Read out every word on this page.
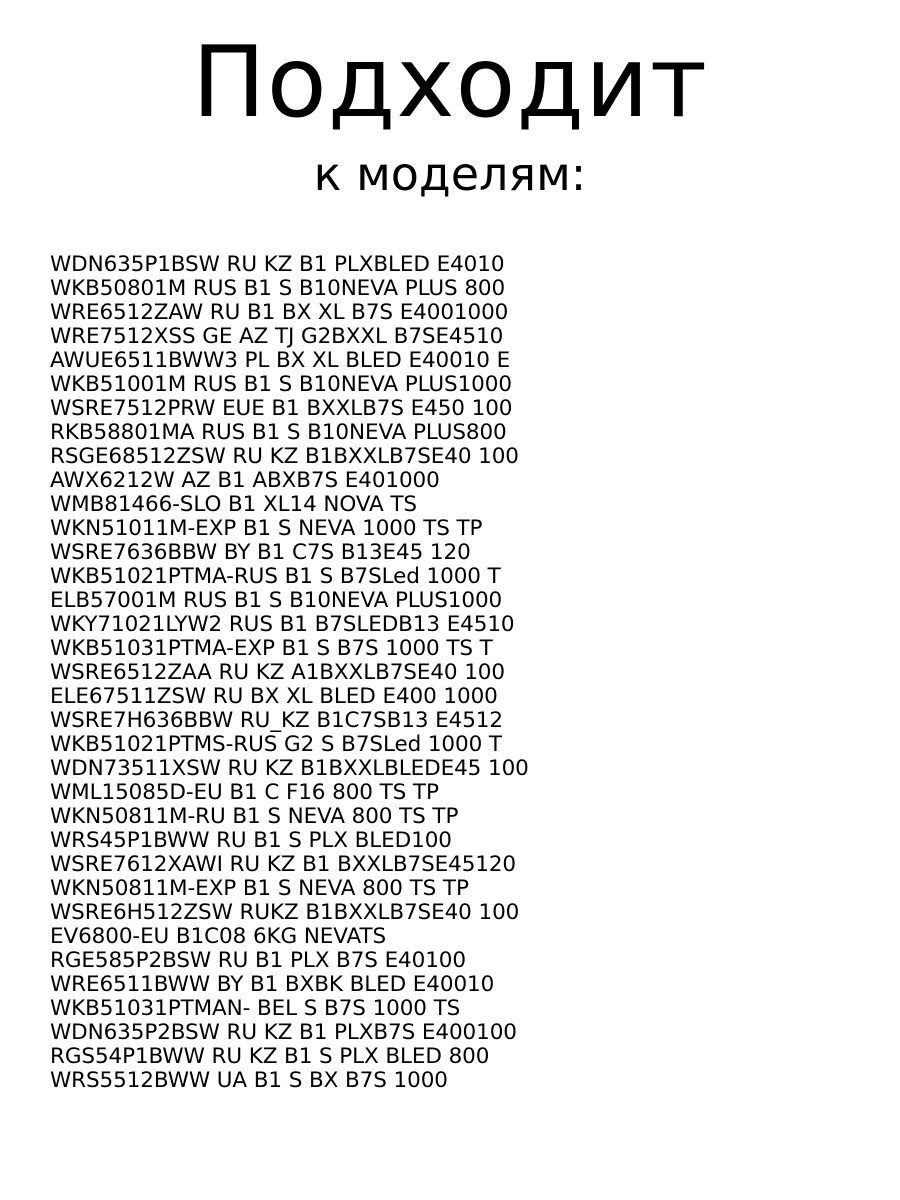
Подходит
к моделям:
WDN635P1BSW RU KZ B1 PLXBLED E4010
WKB50801M RUS B1 S B10NEVA PLUS 800
WRE6512ZAW RU B1 BX XL B7S E4001000
WRE7512XSS GE AZ TJ G2BXXL B7SE4510
AWUE6511BWW3 PL BX XL BLED E40010 E
WKB51001M RUS B1 S B10NEVA PLUS1000
WSRE7512PRW EUE B1 BXXLB7S E450 100
RKB58801MA RUS B1 S B10NEVA PLUS800
RSGE68512ZSW RU KZ B1BXXLB7SE40 100
AWX6212W AZ B1 ABXB7S E401000
WMB81466-SLO B1 XL14 NOVA TS
WKN51011M-EXP B1 S NEVA 1000 TS TP
WSRE7636BBW BY B1 C7S B13E45 120
WKB51021PTMA-RUS B1 S B7SLed 1000 T
ELB57001M RUS B1 S B10NEVA PLUS1000
WKY71021LYW2 RUS B1 B7SLEDB13 E4510
WKB51031PTMA-EXP B1 S B7S 1000 TS T
WSRE6512ZAA RU KZ A1BXXLB7SE40 100
ELE67511ZSW RU BX XL BLED E400 1000
WSRE7H636BBW RU_KZ B1C7SB13 E4512
WKB51021PTMS-RUS G2 S B7SLed 1000 T
WDN73511XSW RU KZ B1BXXLBLEDE45 100
WML15085D-EU B1 C F16 800 TS TP
WKN50811M-RU B1 S NEVA 800 TS TP
WRS45P1BWW RU B1 S PLX BLED100
WSRE7612XAWI RU KZ B1 BXXLB7SE45120
WKN50811M-EXP B1 S NEVA 800 TS TP
WSRE6H512ZSW RUKZ B1BXXLB7SE40 100
EV6800-EU B1C08 6KG NEVATS
RGE585P2BSW RU B1 PLX B7S E40100
WRE6511BWW BY B1 BXBK BLED E40010
WKB51031PTMAN- BEL S B7S 1000 TS
WDN635P2BSW RU KZ B1 PLXB7S E400100
RGS54P1BWW RU KZ B1 S PLX BLED 800
WRS5512BWW UA B1 S BX B7S 1000
